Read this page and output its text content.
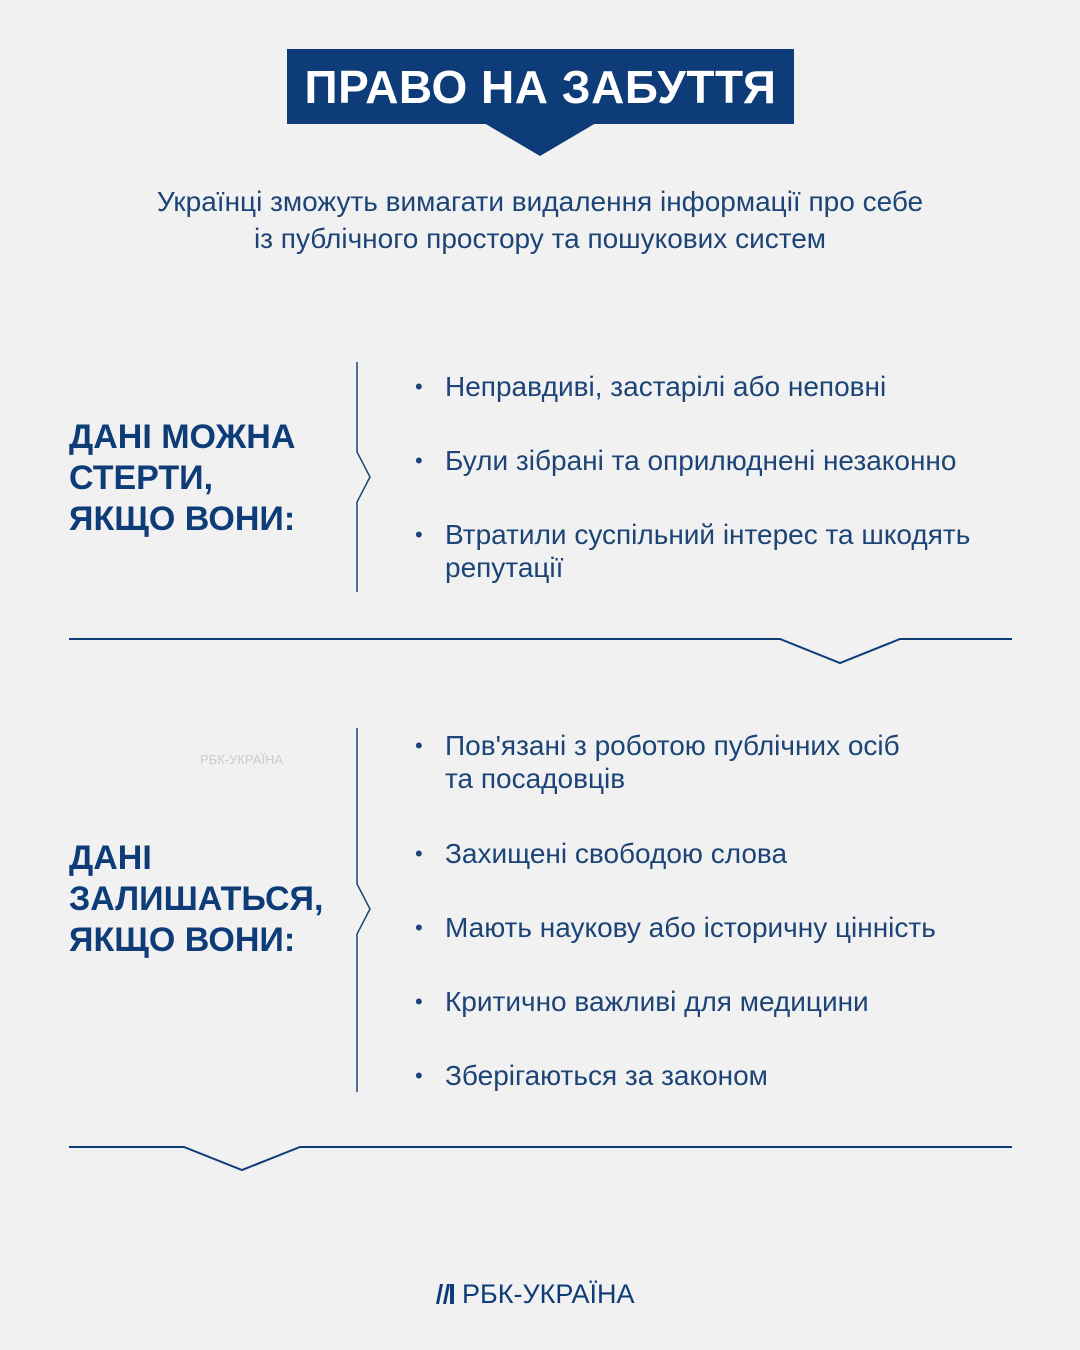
ПРАВО НА ЗАБУТТЯ
Українці зможуть вимагати видалення інформації про себе
із публічного простору та пошукових систем
ДАНІ МОЖНА
СТЕРТИ,
ЯКЩО ВОНИ:
• Неправдиві, застарілі або неповні
• Були зібрані та оприлюднені незаконно
• Втратили суспільний інтерес та шкодять
репутації
РБК-УКРАЇНА
ДАНІ
ЗАЛИШАТЬСЯ,
ЯКЩО ВОНИ:
• Пов'язані з роботою публічних осіб
та посадовців
• Захищені свободою слова
• Мають наукову або історичну цінність
• Критично важливі для медицини
• Зберігаються за законом
РБК-УКРАЇНА
